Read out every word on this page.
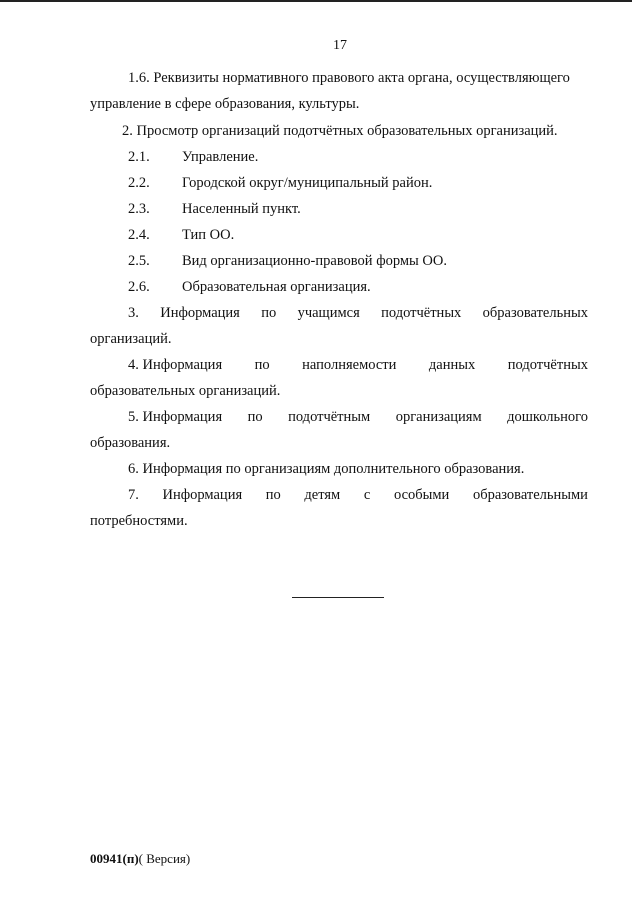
17
1.6. Реквизиты нормативного правового акта органа, осуществляющего
управление в сфере образования, культуры.
2. Просмотр организаций подотчётных образовательных организаций.
2.1. Управление.
2.2. Городской округ/муниципальный район.
2.3. Населенный пункт.
2.4. Тип ОО.
2.5. Вид организационно-правовой формы ОО.
2.6. Образовательная организация.
3. Информация по учащимся подотчётных образовательных
организаций.
4. Информация по наполняемости данных подотчётных
образовательных организаций.
5. Информация по подотчётным организациям дошкольного
образования.
6. Информация по организациям дополнительного образования.
7. Информация по детям с особыми образовательными
потребностями.
00941(п)( Версия)
